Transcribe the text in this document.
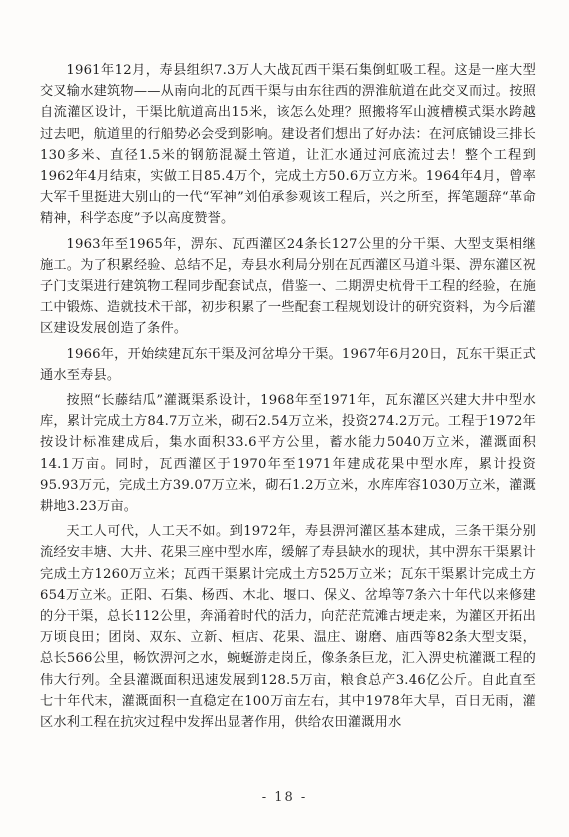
1961年12月，寿县组织7.3万人大战瓦西干渠石集倒虹吸工程。这是一座大型交叉输水建筑物——从南向北的瓦西干渠与由东往西的淠淮航道在此交叉而过。按照自流灌区设计，干渠比航道高出15米，该怎么处理？照搬将军山渡槽模式渠水跨越过去吧，航道里的行船势必会受到影响。建设者们想出了好办法：在河底铺设三排长130多米、直径1.5米的钢筋混凝土管道，让汇水通过河底流过去！整个工程到1962年4月结束，实做工日85.4万个，完成土方50.6万立方米。1964年4月，曾率大军千里挺进大别山的一代“军神”刘伯承参观该工程后，兴之所至，挥笔题辞“革命精神，科学态度”予以高度赞誉。

1963年至1965年，淠东、瓦西灌区24条长127公里的分干渠、大型支渠相继施工。为了积累经验、总结不足，寿县水利局分别在瓦西灌区马道斗渠、淠东灌区祝子门支渠进行建筑物工程同步配套试点，借鉴一、二期淠史杭骨干工程的经验，在施工中锻炼、造就技术干部，初步积累了一些配套工程规划设计的研究资料，为今后灌区建设发展创造了条件。

1966年，开始续建瓦东干渠及河岔埠分干渠。1967年6月20日，瓦东干渠正式通水至寿县。

按照“长藤结瓜”灌溉渠系设计，1968年至1971年，瓦东灌区兴建大井中型水库，累计完成土方84.7万立米，砌石2.54万立米，投资274.2万元。工程于1972年按设计标准建成后，集水面积33.6平方公里，蓄水能力5040万立米，灌溉面积14.1万亩。同时，瓦西灌区于1970年至1971年建成花果中型水库，累计投资95.93万元，完成土方39.07万立米，砌石1.2万立米，水库库容1030万立米，灌溉耕地3.23万亩。

天工人可代，人工天不如。到1972年，寿县淠河灌区基本建成，三条干渠分别流经安丰塘、大井、花果三座中型水库，缓解了寿县缺水的现状，其中淠东干渠累计完成土方1260万立米；瓦西干渠累计完成土方525万立米；瓦东干渠累计完成土方654万立米。正阳、石集、杨西、木北、堰口、保义、岔埠等7条六十年代以来修建的分干渠，总长112公里，奔涌着时代的活力，向茫茫荒滩古埂走来，为灌区开拓出万顷良田；团岗、双东、立新、桓店、花果、温庄、谢磨、庙西等82条大型支渠，总长566公里，畅饮淠河之水，蜿蜒游走岗丘，像条条巨龙，汇入淠史杭灌溉工程的伟大行列。全县灌溉面积迅速发展到128.5万亩，粮食总产3.46亿公斤。自此直至七十年代末，灌溉面积一直稳定在100万亩左右，其中1978年大旱，百日无雨，灌区水利工程在抗灾过程中发挥出显著作用，供给农田灌溉用水

- 18 -
